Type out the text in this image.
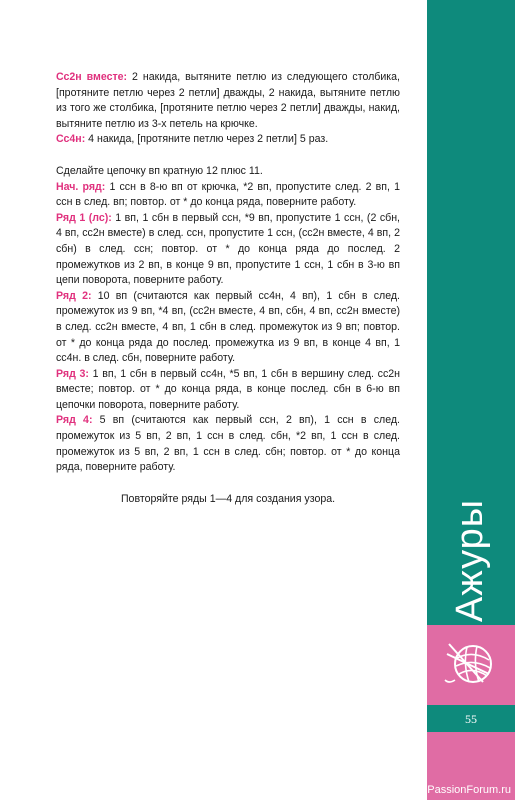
Сс2н вместе: 2 накида, вытяните петлю из следующего столбика, [протяните петлю через 2 петли] дважды, 2 накида, вытяните петлю из того же столбика, [протяните петлю через 2 петли] дважды, накид, вытяните петлю из 3-х петель на крючке.

Сс4н: 4 накида, [протяните петлю через 2 петли] 5 раз.

Сделайте цепочку вп кратную 12 плюс 11.

Нач. ряд: 1 ссн в 8-ю вп от крючка, *2 вп, пропустите след. 2 вп, 1 ссн в след. вп; повтор. от * до конца ряда, поверните работу.

Ряд 1 (лс): 1 вп, 1 сбн в первый ссн, *9 вп, пропустите 1 ссн, (2 сбн, 4 вп, сс2н вместе) в след. ссн, пропустите 1 ссн, (сс2н вместе, 4 вп, 2 сбн) в след. ссн; повтор. от * до конца ряда до послед. 2 промежутков из 2 вп, в конце 9 вп, пропустите 1 ссн, 1 сбн в 3-ю вп цепи поворота, поверните работу.

Ряд 2: 10 вп (считаются как первый сс4н, 4 вп), 1 сбн в след. промежуток из 9 вп, *4 вп, (сс2н вместе, 4 вп, сбн, 4 вп, сс2н вместе) в след. сс2н вместе, 4 вп, 1 сбн в след. промежуток из 9 вп; повтор. от * до конца ряда до послед. промежутка из 9 вп, в конце 4 вп, 1 сс4н. в след. сбн, поверните работу.

Ряд 3: 1 вп, 1 сбн в первый сс4н, *5 вп, 1 сбн в вершину след. сс2н вместе; повтор. от * до конца ряда, в конце послед. сбн в 6-ю вп цепочки поворота, поверните работу.

Ряд 4: 5 вп (считаются как первый ссн, 2 вп), 1 ссн в след. промежуток из 5 вп, 2 вп, 1 ссн в след. сбн, *2 вп, 1 ссн в след. промежуток из 5 вп, 2 вп, 1 ссн в след. сбн; повтор. от * до конца ряда, поверните работу.

Повторяйте ряды 1—4 для создания узора.	Ажуры
55
PassionForum.ru
